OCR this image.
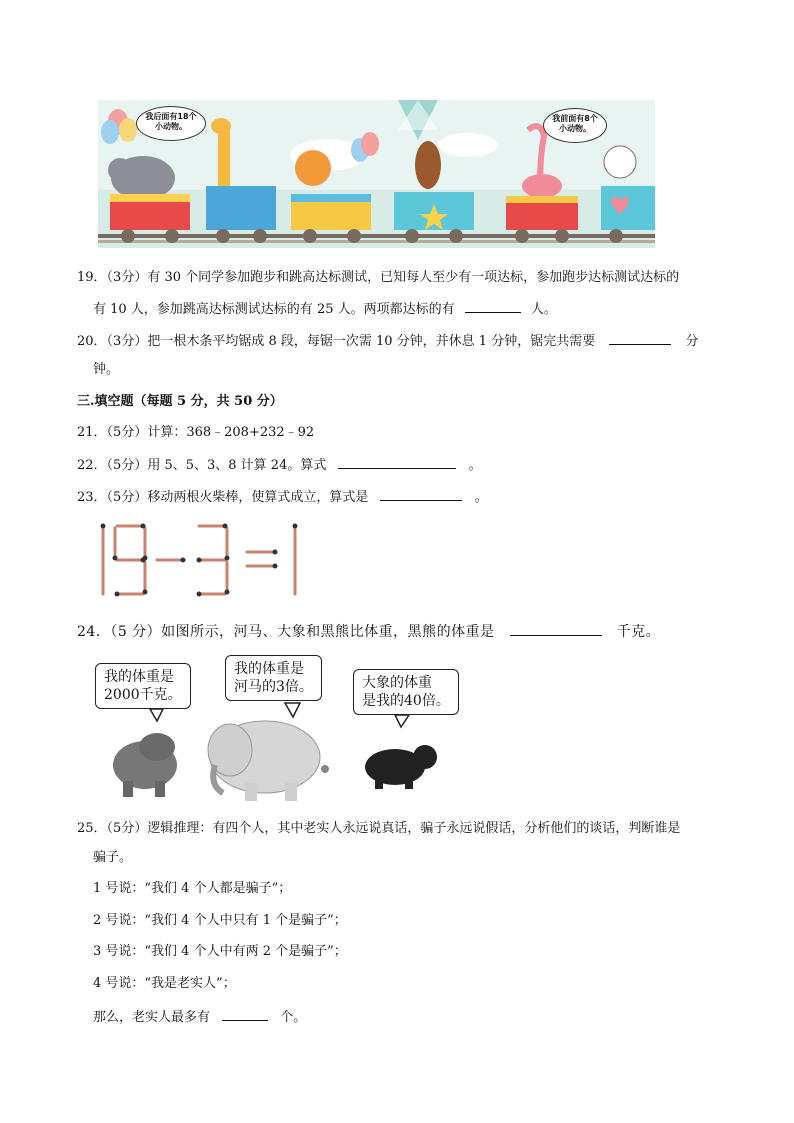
我后面有18个
小动物。
我前面有8个
小动物。
19．（3分）有 30 个同学参加跑步和跳高达标测试，已知每人至少有一项达标，参加跑步达标测试达标的
有 10 人，参加跳高达标测试达标的有 25 人。两项都达标的有	人。
20．（3分）把一根木条平均锯成 8 段，每锯一次需 10 分钟，并休息 1 分钟，锯完共需要	分
钟。
三.填空题（每题 5 分，共 50 分）
21．（5分）计算：368﹣208+232﹣92
22．（5分）用 5、5、3、8 计算 24。算式	。
23．（5分）移动两根火柴棒，使算式成立，算式是	。
24．（5 分）如图所示，河马、大象和黑熊比体重，黑熊的体重是	千克。
我的体重是
2000千克。
我的体重是
河马的3倍。	大象的体重
是我的40倍。
25．（5分）逻辑推理：有四个人，其中老实人永远说真话，骗子永远说假话，分析他们的谈话，判断谁是
骗子。
1 号说：“我们 4 个人都是骗子”；
2 号说：“我们 4 个人中只有 1 个是骗子”；
3 号说：“我们 4 个人中有两 2 个是骗子”；
4 号说：“我是老实人”；
那么，老实人最多有	个。
